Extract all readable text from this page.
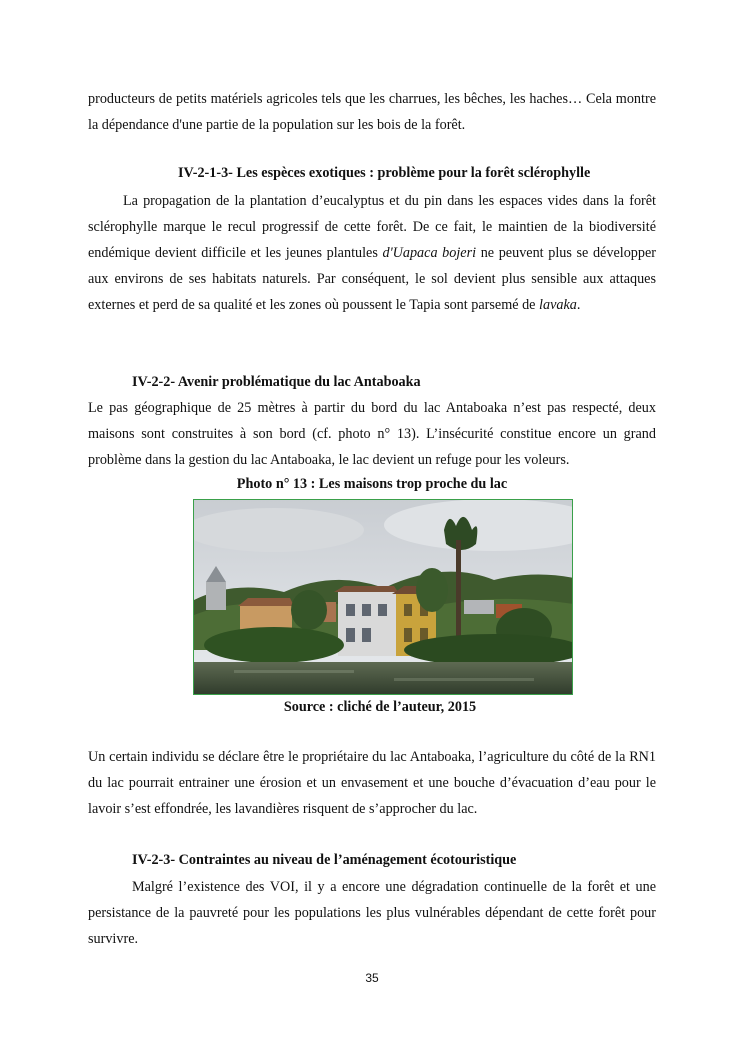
producteurs de petits matériels agricoles tels que les charrues, les bêches, les haches… Cela montre la dépendance d'une partie de la population sur les bois de la forêt.

IV-2-1-3- Les espèces exotiques : problème pour la forêt sclérophylle

La propagation de la plantation d’eucalyptus et du pin dans les espaces vides dans la forêt sclérophylle marque le recul progressif de cette forêt. De ce fait, le maintien de la biodiversité endémique devient difficile et les jeunes plantules d'Uapaca bojeri ne peuvent plus se développer aux environs de ses habitats naturels. Par conséquent, le sol devient plus sensible aux attaques externes et perd de sa qualité et les zones où poussent le Tapia sont parsemé de lavaka.

IV-2-2- Avenir problématique du lac Antaboaka

Le pas géographique de 25 mètres à partir du bord du lac Antaboaka n’est pas respecté, deux maisons sont construites à son bord (cf. photo n° 13). L’insécurité constitue encore un grand problème dans la gestion du lac Antaboaka, le lac devient un refuge pour les voleurs.

Photo n° 13 : Les maisons trop proche du lac
Source : cliché de l’auteur, 2015

Un certain individu se déclare être le propriétaire du lac Antaboaka, l’agriculture du côté de la RN1 du lac pourrait entrainer une érosion et un envasement et une bouche d’évacuation d’eau pour le lavoir s’est effondrée, les lavandières risquent de s’approcher du lac.

IV-2-3- Contraintes au niveau de l’aménagement écotouristique

Malgré l’existence des VOI, il y a encore une dégradation continuelle de la forêt et une persistance de la pauvreté pour les populations les plus vulnérables dépendant de cette forêt pour survivre.

35
